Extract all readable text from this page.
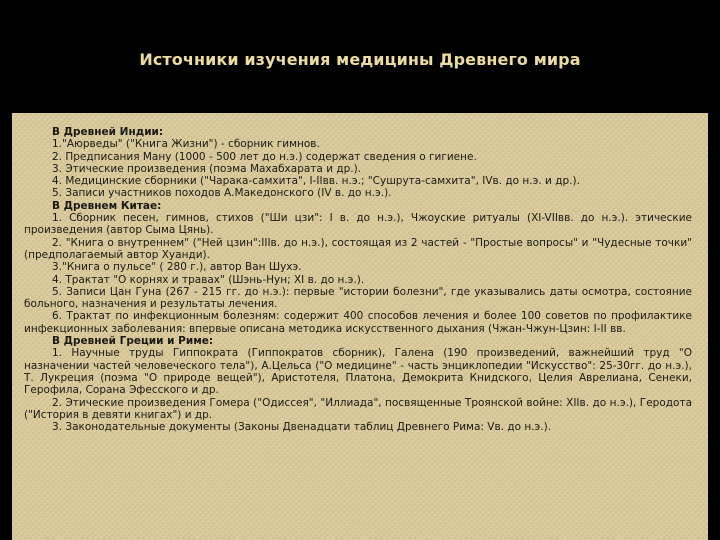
Источники изучения медицины Древнего мира

В Древней Индии:

1."Аюрведы" ("Книга Жизни") - сборник гимнов.

2. Предписания Ману (1000 - 500 лет до н.э.) содержат сведения о гигиене.

3. Этические произведения (поэма Махабхарата и др.).

4. Медицинские сборники ("Чарака-самхита", I-IIвв. н.э.; "Сушрута-самхита", IVв. до н.э. и др.).

5. Записи участников походов А.Македонского (IV в. до н.э.).

В Древнем Китае:

1. Сборник песен, гимнов, стихов ("Ши цзи": I в. до н.э.), Чжоуские ритуалы (XI-VIIвв. до н.э.). этические произведения (автор Сыма Цянь).

2. "Книга о внутреннем" ("Ней цзин":IIIв. до н.э.), состоящая из 2 частей - "Простые вопросы" и "Чудесные точки" (предполагаемый автор Хуанди).

3."Книга о пульсе" ( 280 г.), автор Ван Шухэ.

4. Трактат "О корнях и травах" (Шэнь-Нун; XI в. до н.э.).

5. Записи Цан Гуна (267 - 215 гг. до н.э.): первые "истории болезни", где указывались даты осмотра, состояние больного, назначения и результаты лечения.

6. Трактат по инфекционным болезням: содержит 400 способов лечения и более 100 советов по профилактике инфекционных заболевания: впервые описана методика искусственного дыхания (Чжан-Чжун-Цзин: I-II вв.

В Древней Греции и Риме:

1. Научные труды Гиппократа (Гиппократов сборник), Галена (190 произведений, важнейший труд "О назначении частей человеческого тела"), А.Цельса ("О медицине" - часть энциклопедии "Искусство": 25-30гг. до н.э.), Т. Лукреция (поэма "О природе вещей"), Аристотеля, Платона, Демокрита Книдского, Целия Аврелиана, Сенеки, Герофила, Сорана Эфесского и др.

2. Этические произведения Гомера ("Одиссея", "Иллиада", посвященные Троянской войне: XIIв. до н.э.), Геродота ("История в девяти книгах") и др.

3. Законодательные документы (Законы Двенадцати таблиц Древнего Рима: Vв. до н.э.).
